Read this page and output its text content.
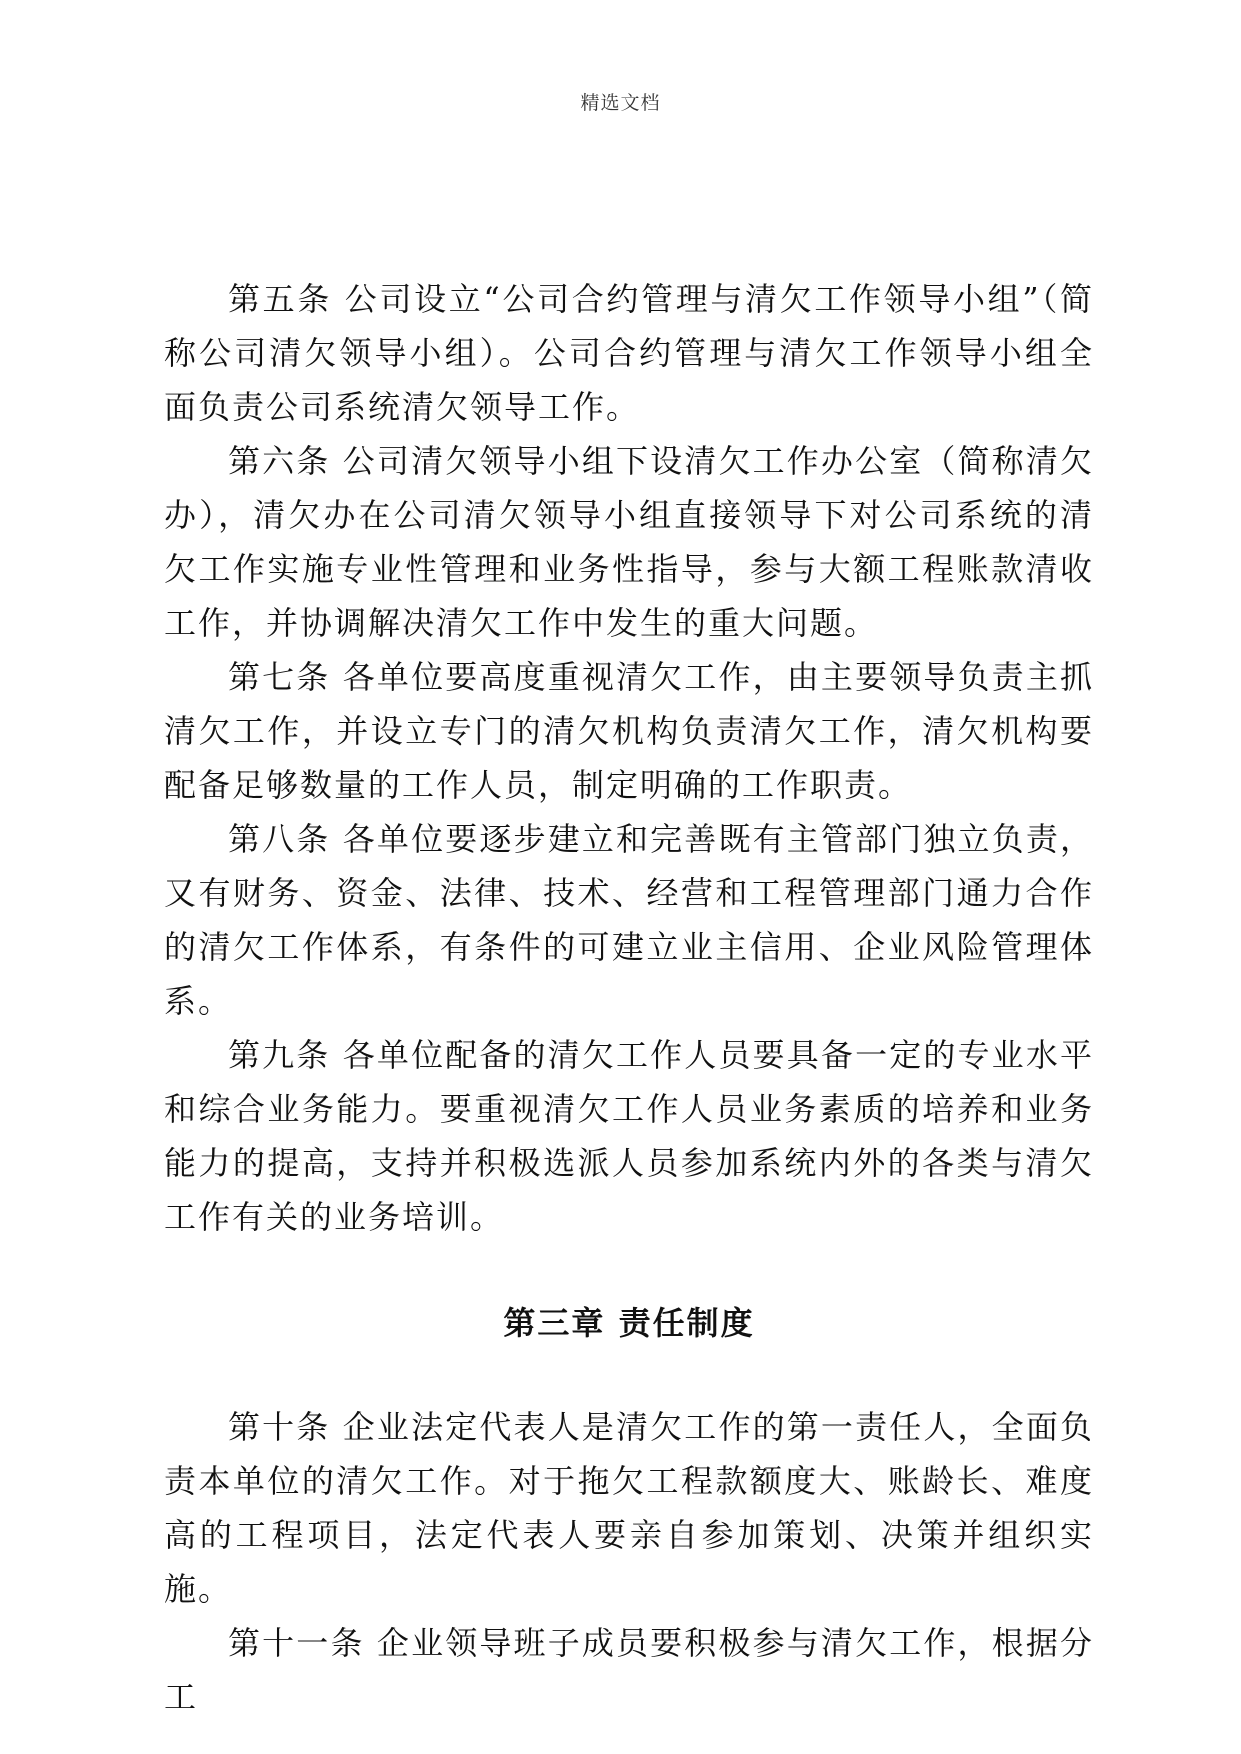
精选文档

第五条 公司设立“公司合约管理与清欠工作领导小组”（简称公司清欠领导小组）。公司合约管理与清欠工作领导小组全面负责公司系统清欠领导工作。

第六条 公司清欠领导小组下设清欠工作办公室（简称清欠办），清欠办在公司清欠领导小组直接领导下对公司系统的清欠工作实施专业性管理和业务性指导，参与大额工程账款清收工作，并协调解决清欠工作中发生的重大问题。

第七条 各单位要高度重视清欠工作，由主要领导负责主抓清欠工作，并设立专门的清欠机构负责清欠工作，清欠机构要配备足够数量的工作人员，制定明确的工作职责。

第八条 各单位要逐步建立和完善既有主管部门独立负责，又有财务、资金、法律、技术、经营和工程管理部门通力合作的清欠工作体系，有条件的可建立业主信用、企业风险管理体系。

第九条 各单位配备的清欠工作人员要具备一定的专业水平和综合业务能力。要重视清欠工作人员业务素质的培养和业务能力的提高，支持并积极选派人员参加系统内外的各类与清欠工作有关的业务培训。

第三章 责任制度

第十条 企业法定代表人是清欠工作的第一责任人，全面负责本单位的清欠工作。对于拖欠工程款额度大、账龄长、难度高的工程项目，法定代表人要亲自参加策划、决策并组织实施。

第十一条 企业领导班子成员要积极参与清欠工作，根据分工
